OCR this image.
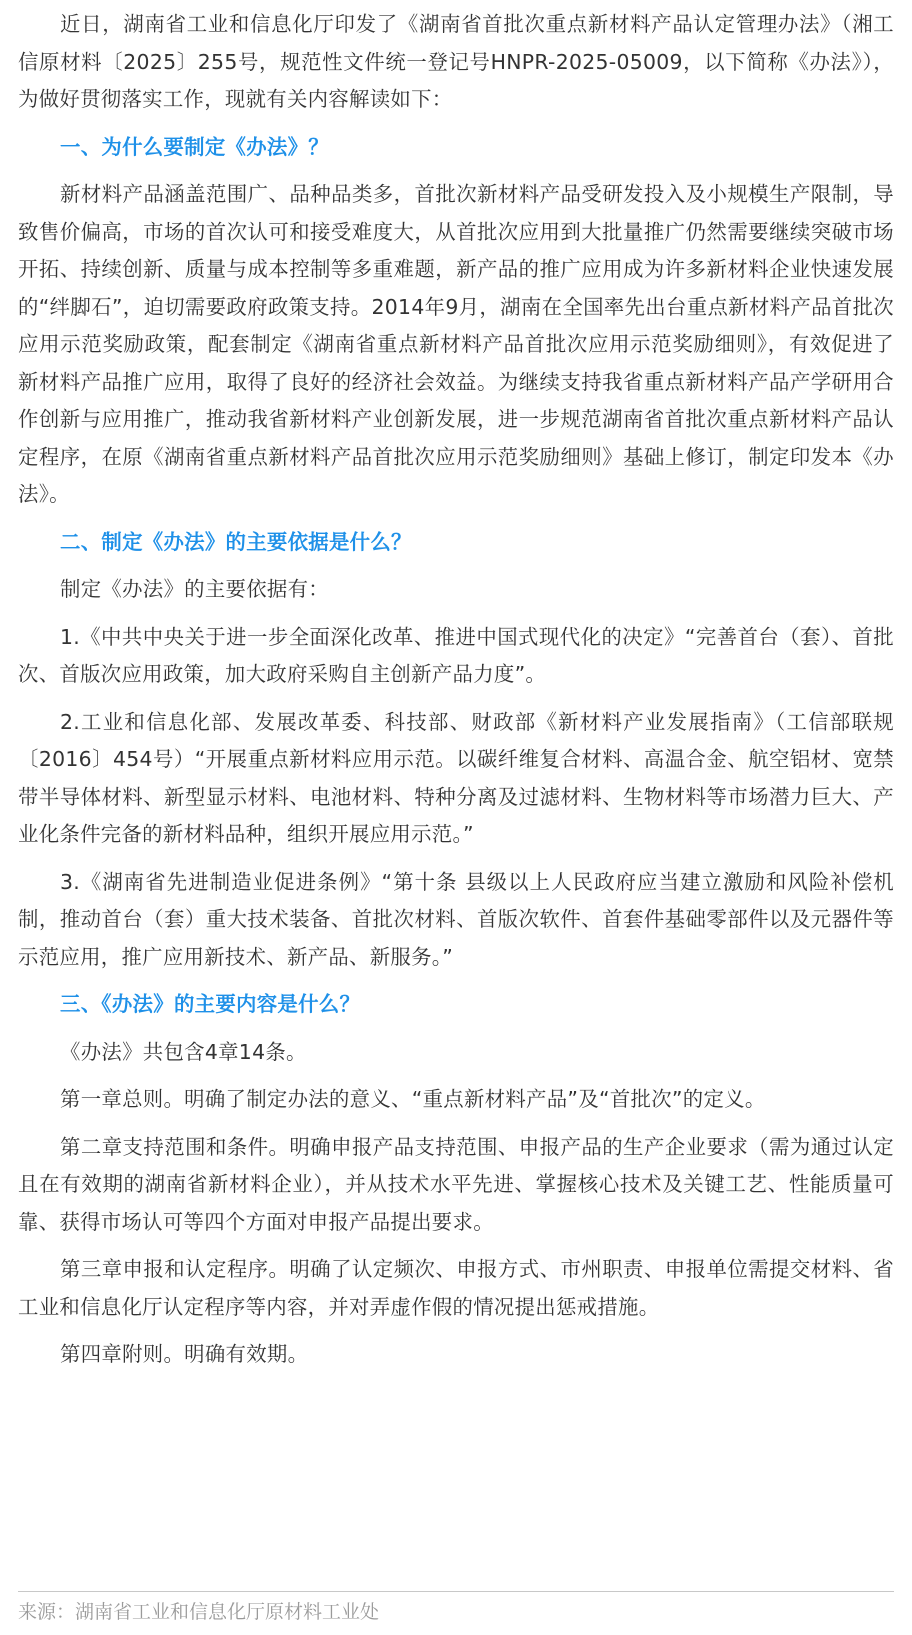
近日，湖南省工业和信息化厅印发了《湖南省首批次重点新材料产品认定管理办法》（湘工信原材料〔2025〕255号，规范性文件统一登记号HNPR-2025-05009，以下简称《办法》），为做好贯彻落实工作，现就有关内容解读如下：

一、为什么要制定《办法》？

新材料产品涵盖范围广、品种品类多，首批次新材料产品受研发投入及小规模生产限制，导致售价偏高，市场的首次认可和接受难度大，从首批次应用到大批量推广仍然需要继续突破市场开拓、持续创新、质量与成本控制等多重难题，新产品的推广应用成为许多新材料企业快速发展的“绊脚石”，迫切需要政府政策支持。2014年9月，湖南在全国率先出台重点新材料产品首批次应用示范奖励政策，配套制定《湖南省重点新材料产品首批次应用示范奖励细则》，有效促进了新材料产品推广应用，取得了良好的经济社会效益。为继续支持我省重点新材料产品产学研用合作创新与应用推广，推动我省新材料产业创新发展，进一步规范湖南省首批次重点新材料产品认定程序，在原《湖南省重点新材料产品首批次应用示范奖励细则》基础上修订，制定印发本《办法》。

二、制定《办法》的主要依据是什么？

制定《办法》的主要依据有：

1.《中共中央关于进一步全面深化改革、推进中国式现代化的决定》“完善首台（套）、首批次、首版次应用政策，加大政府采购自主创新产品力度”。

2.工业和信息化部、发展改革委、科技部、财政部《新材料产业发展指南》（工信部联规〔2016〕454号）“开展重点新材料应用示范。以碳纤维复合材料、高温合金、航空铝材、宽禁带半导体材料、新型显示材料、电池材料、特种分离及过滤材料、生物材料等市场潜力巨大、产业化条件完备的新材料品种，组织开展应用示范。”

3.《湖南省先进制造业促进条例》“第十条 县级以上人民政府应当建立激励和风险补偿机制，推动首台（套）重大技术装备、首批次材料、首版次软件、首套件基础零部件以及元器件等示范应用，推广应用新技术、新产品、新服务。”

三、《办法》的主要内容是什么？

《办法》共包含4章14条。

第一章总则。明确了制定办法的意义、“重点新材料产品”及“首批次”的定义。

第二章支持范围和条件。明确申报产品支持范围、申报产品的生产企业要求（需为通过认定且在有效期的湖南省新材料企业），并从技术水平先进、掌握核心技术及关键工艺、性能质量可靠、获得市场认可等四个方面对申报产品提出要求。

第三章申报和认定程序。明确了认定频次、申报方式、市州职责、申报单位需提交材料、省工业和信息化厅认定程序等内容，并对弄虚作假的情况提出惩戒措施。

第四章附则。明确有效期。

来源：湖南省工业和信息化厅原材料工业处
